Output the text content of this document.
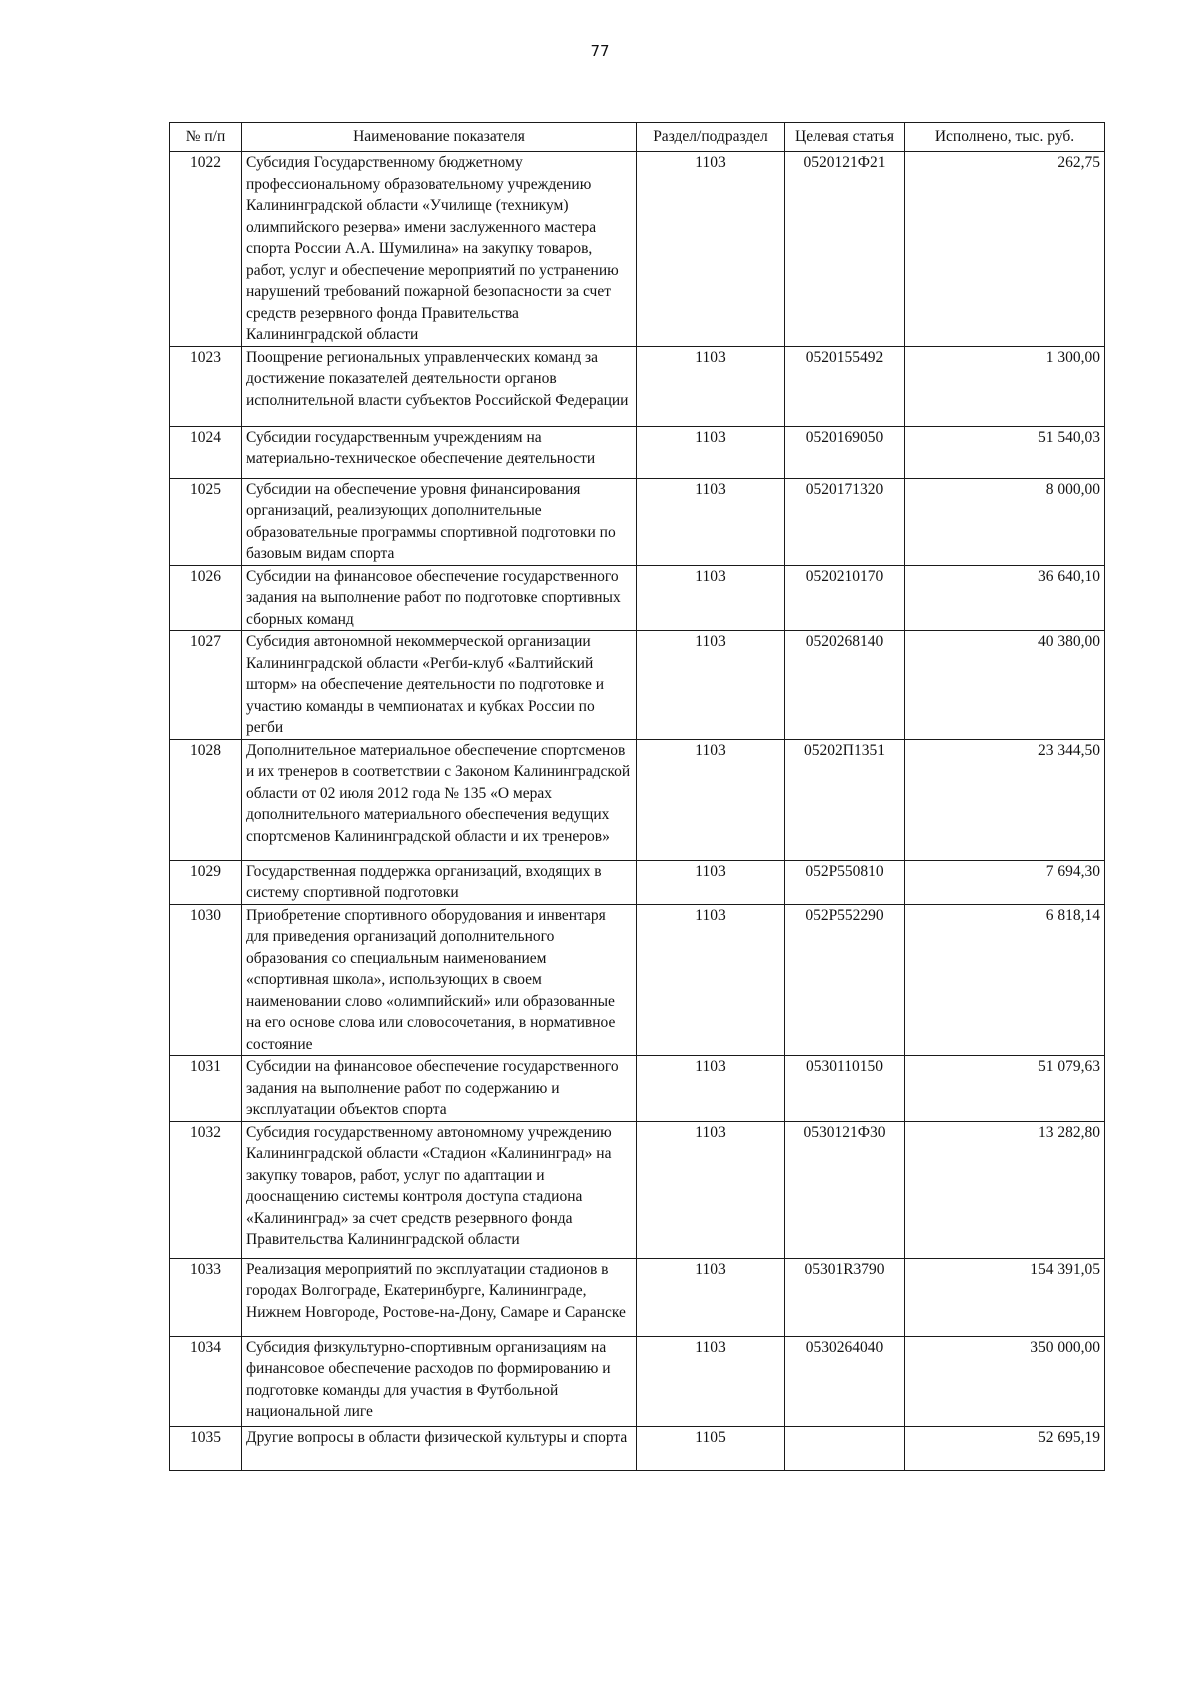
77
№ п/п	Наименование показателя	Раздел/подраздел	Целевая статья	Исполнено, тыс. руб.
1022	Субсидия Государственному бюджетному профессиональному образовательному учреждению Калининградской области «Училище (техникум) олимпийского резерва» имени заслуженного мастера спорта России А.А. Шумилина» на закупку товаров, работ, услуг и обеспечение мероприятий по устранению нарушений требований пожарной безопасности за счет средств резервного фонда Правительства Калининградской области	1103	0520121Ф21	262,75
1023	Поощрение региональных управленческих команд за достижение показателей деятельности органов исполнительной власти субъектов Российской Федерации	1103	0520155492	1 300,00
1024	Субсидии государственным учреждениям на материально-техническое обеспечение деятельности	1103	0520169050	51 540,03
1025	Субсидии на обеспечение уровня финансирования организаций, реализующих дополнительные образовательные программы спортивной подготовки по базовым видам спорта	1103	0520171320	8 000,00
1026	Субсидии на финансовое обеспечение государственного задания на выполнение работ по подготовке спортивных сборных команд	1103	0520210170	36 640,10
1027	Субсидия автономной некоммерческой организации Калининградской области «Регби-клуб «Балтийский шторм» на обеспечение деятельности по подготовке и участию команды в чемпионатах и кубках России по регби	1103	0520268140	40 380,00
1028	Дополнительное материальное обеспечение спортсменов и их тренеров в соответствии с Законом Калининградской области от 02 июля 2012 года № 135 «О мерах дополнительного материального обеспечения ведущих спортсменов Калининградской области и их тренеров»	1103	05202П1351	23 344,50
1029	Государственная поддержка организаций, входящих в систему спортивной подготовки	1103	052Р550810	7 694,30
1030	Приобретение спортивного оборудования и инвентаря для приведения организаций дополнительного образования со специальным наименованием «спортивная школа», использующих в своем наименовании слово «олимпийский» или образованные на его основе слова или словосочетания, в нормативное состояние	1103	052Р552290	6 818,14
1031	Субсидии на финансовое обеспечение государственного задания на выполнение работ по содержанию и эксплуатации объектов спорта	1103	0530110150	51 079,63
1032	Субсидия государственному автономному учреждению Калининградской области «Стадион «Калининград» на закупку товаров, работ, услуг по адаптации и дооснащению системы контроля доступа стадиона «Калининград» за счет средств резервного фонда Правительства Калининградской области	1103	0530121Ф30	13 282,80
1033	Реализация мероприятий по эксплуатации стадионов в городах Волгограде, Екатеринбурге, Калининграде, Нижнем Новгороде, Ростове-на-Дону, Самаре и Саранске	1103	05301R3790	154 391,05
1034	Субсидия физкультурно-спортивным организациям на финансовое обеспечение расходов по формированию и подготовке команды для участия в Футбольной национальной лиге	1103	0530264040	350 000,00
1035	Другие вопросы в области физической культуры и спорта	1105		52 695,19
